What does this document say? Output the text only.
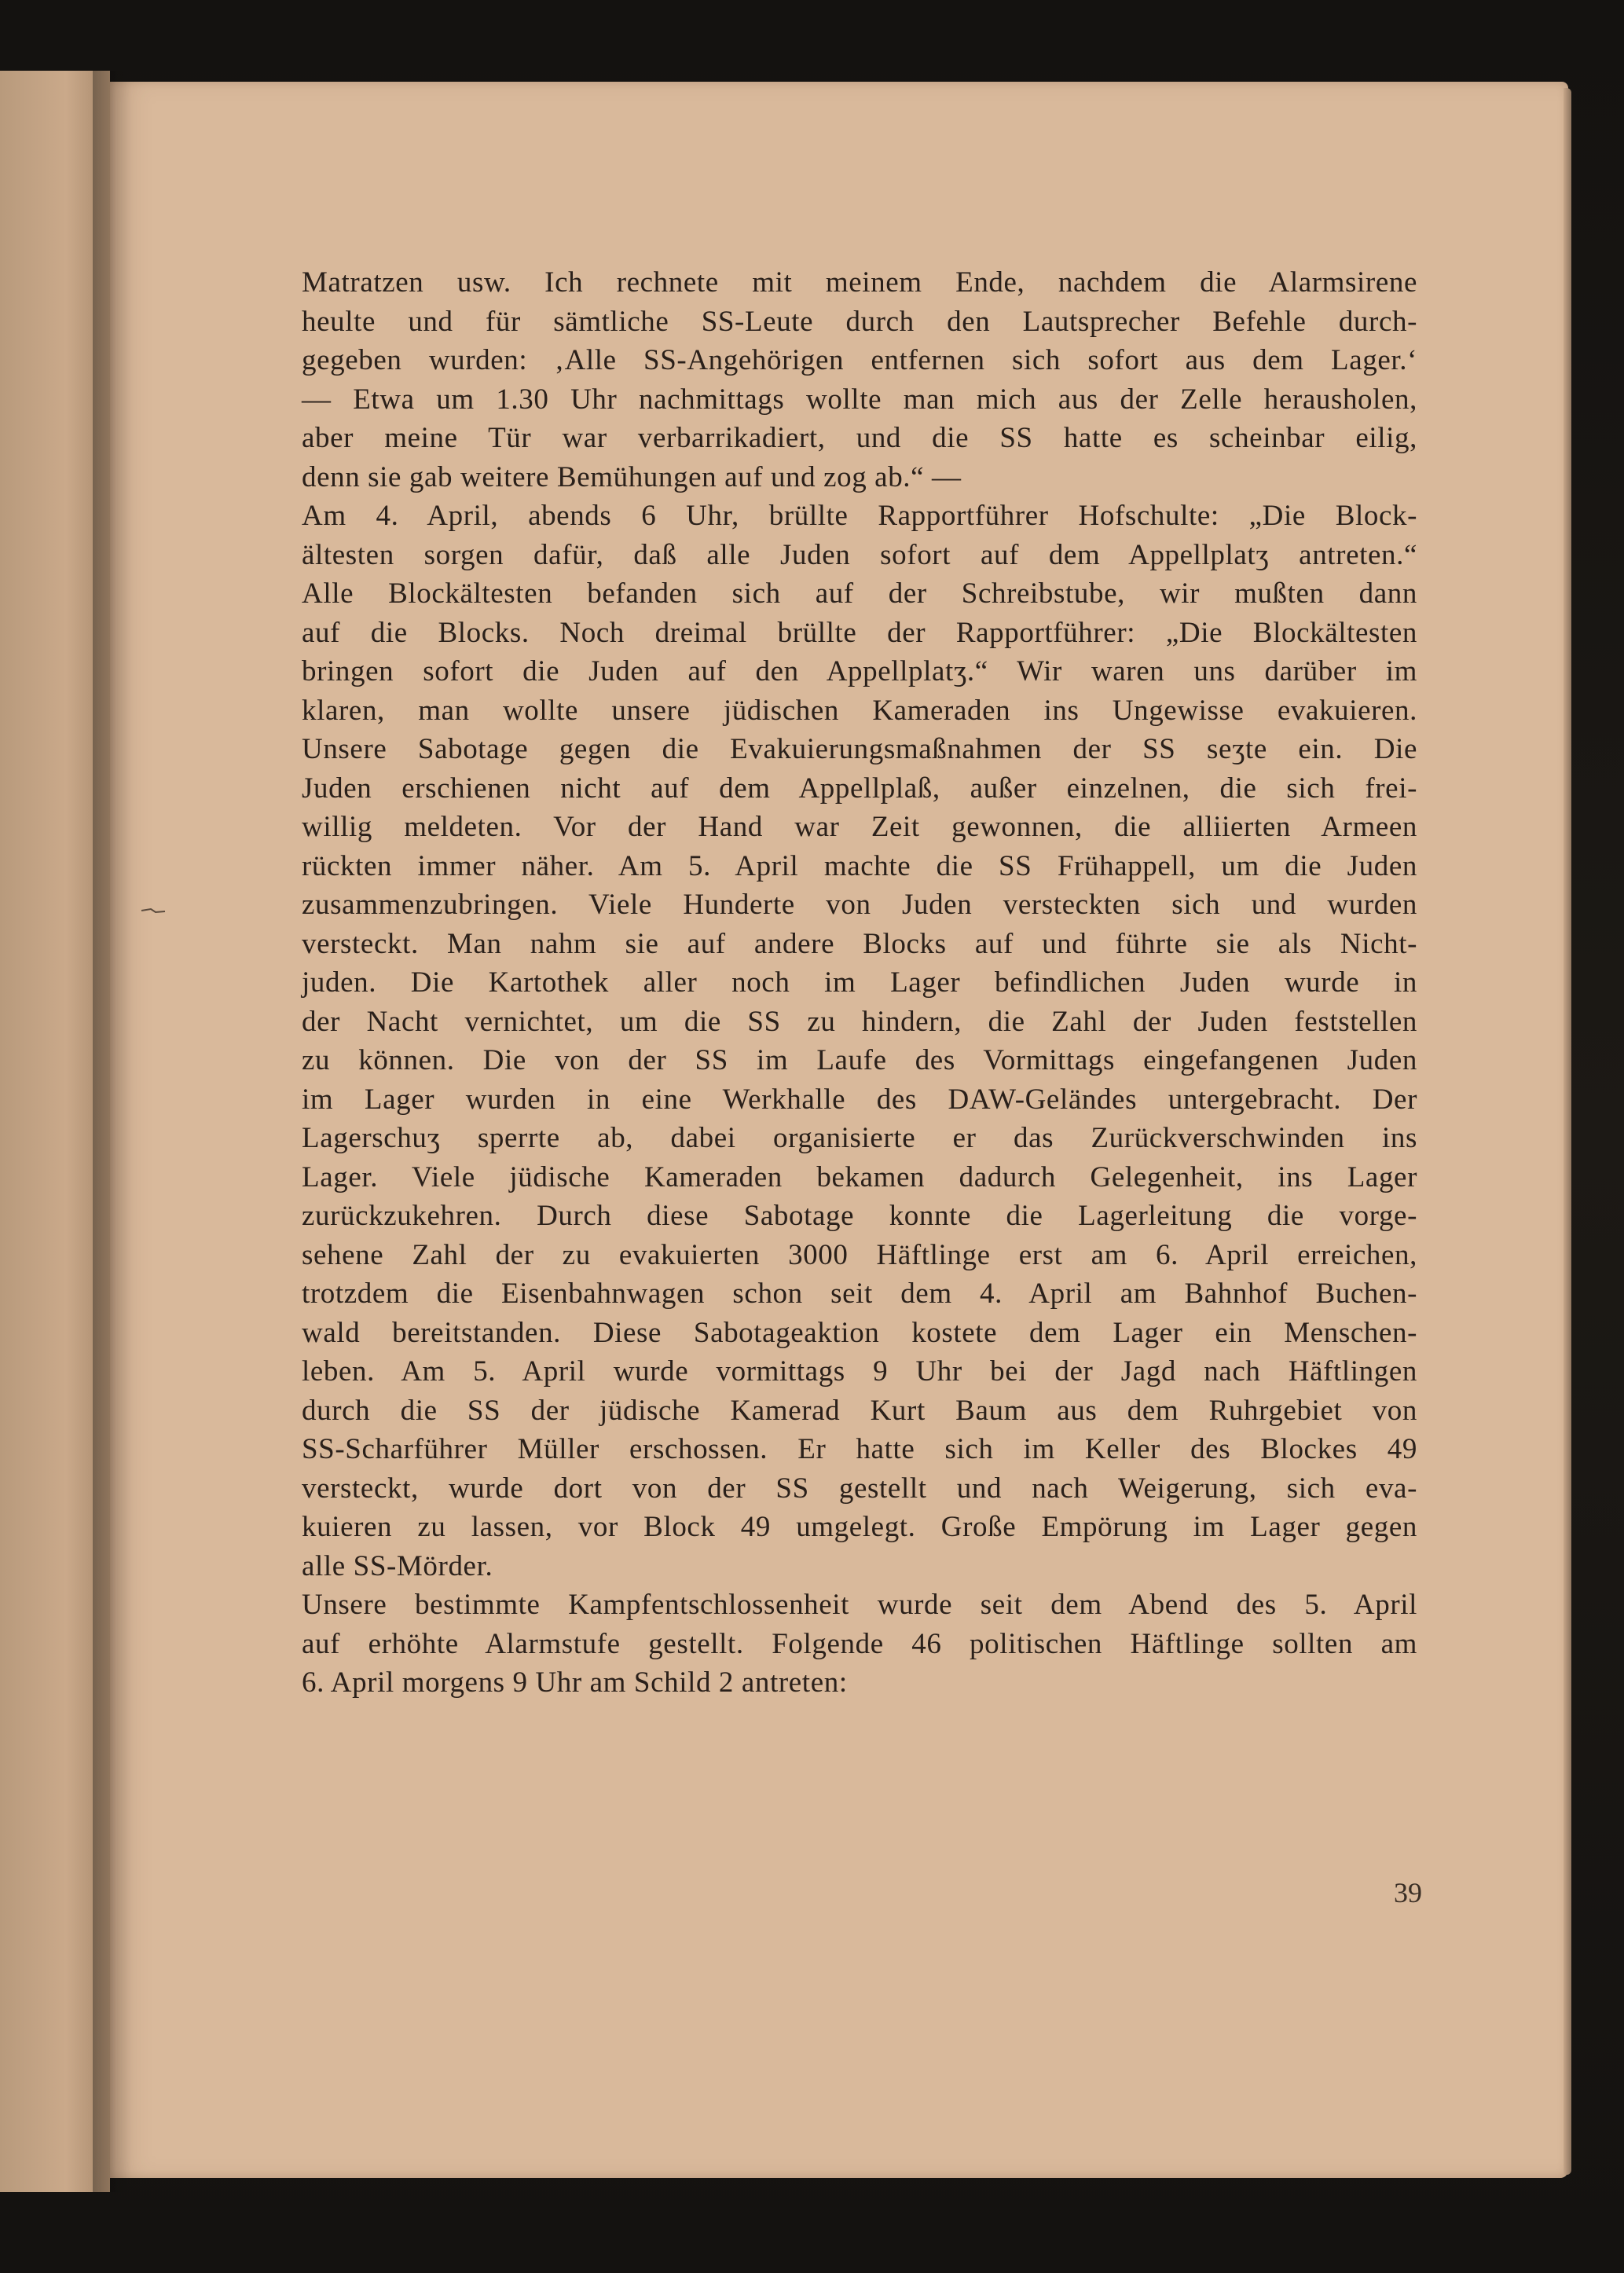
Matratzen usw. Ich rechnete mit meinem Ende, nachdem die Alarmsirene
heulte und für sämtliche SS-Leute durch den Lautsprecher Befehle durch-
gegeben wurden: ‚Alle SS-Angehörigen entfernen sich sofort aus dem Lager.‘
— Etwa um 1.30 Uhr nachmittags wollte man mich aus der Zelle herausholen,
aber meine Tür war verbarrikadiert, und die SS hatte es scheinbar eilig,
denn sie gab weitere Bemühungen auf und zog ab.“ —
Am 4. April, abends 6 Uhr, brüllte Rapportführer Hofschulte: „Die Block-
ältesten sorgen dafür, daß alle Juden sofort auf dem Appellplatʒ antreten.“
Alle Blockältesten befanden sich auf der Schreibstube, wir mußten dann
auf die Blocks. Noch dreimal brüllte der Rapportführer: „Die Blockältesten
bringen sofort die Juden auf den Appellplatʒ.“ Wir waren uns darüber im
klaren, man wollte unsere jüdischen Kameraden ins Ungewisse evakuieren.
Unsere Sabotage gegen die Evakuierungsmaßnahmen der SS seʒte ein. Die
Juden erschienen nicht auf dem Appellplaß, außer einzelnen, die sich frei-
willig meldeten. Vor der Hand war Zeit gewonnen, die alliierten Armeen
rückten immer näher. Am 5. April machte die SS Frühappell, um die Juden
zusammenzubringen. Viele Hunderte von Juden versteckten sich und wurden
versteckt. Man nahm sie auf andere Blocks auf und führte sie als Nicht-
juden. Die Kartothek aller noch im Lager befindlichen Juden wurde in
der Nacht vernichtet, um die SS zu hindern, die Zahl der Juden feststellen
zu können. Die von der SS im Laufe des Vormittags eingefangenen Juden
im Lager wurden in eine Werkhalle des DAW-Geländes untergebracht. Der
Lagerschuʒ sperrte ab, dabei organisierte er das Zurückverschwinden ins
Lager. Viele jüdische Kameraden bekamen dadurch Gelegenheit, ins Lager
zurückzukehren. Durch diese Sabotage konnte die Lagerleitung die vorge-
sehene Zahl der zu evakuierten 3000 Häftlinge erst am 6. April erreichen,
trotzdem die Eisenbahnwagen schon seit dem 4. April am Bahnhof Buchen-
wald bereitstanden. Diese Sabotageaktion kostete dem Lager ein Menschen-
leben. Am 5. April wurde vormittags 9 Uhr bei der Jagd nach Häftlingen
durch die SS der jüdische Kamerad Kurt Baum aus dem Ruhrgebiet von
SS-Scharführer Müller erschossen. Er hatte sich im Keller des Blockes 49
versteckt, wurde dort von der SS gestellt und nach Weigerung, sich eva-
kuieren zu lassen, vor Block 49 umgelegt. Große Empörung im Lager gegen
alle SS-Mörder.
Unsere bestimmte Kampfentschlossenheit wurde seit dem Abend des 5. April
auf erhöhte Alarmstufe gestellt. Folgende 46 politischen Häftlinge sollten am
6. April morgens 9 Uhr am Schild 2 antreten:
39
